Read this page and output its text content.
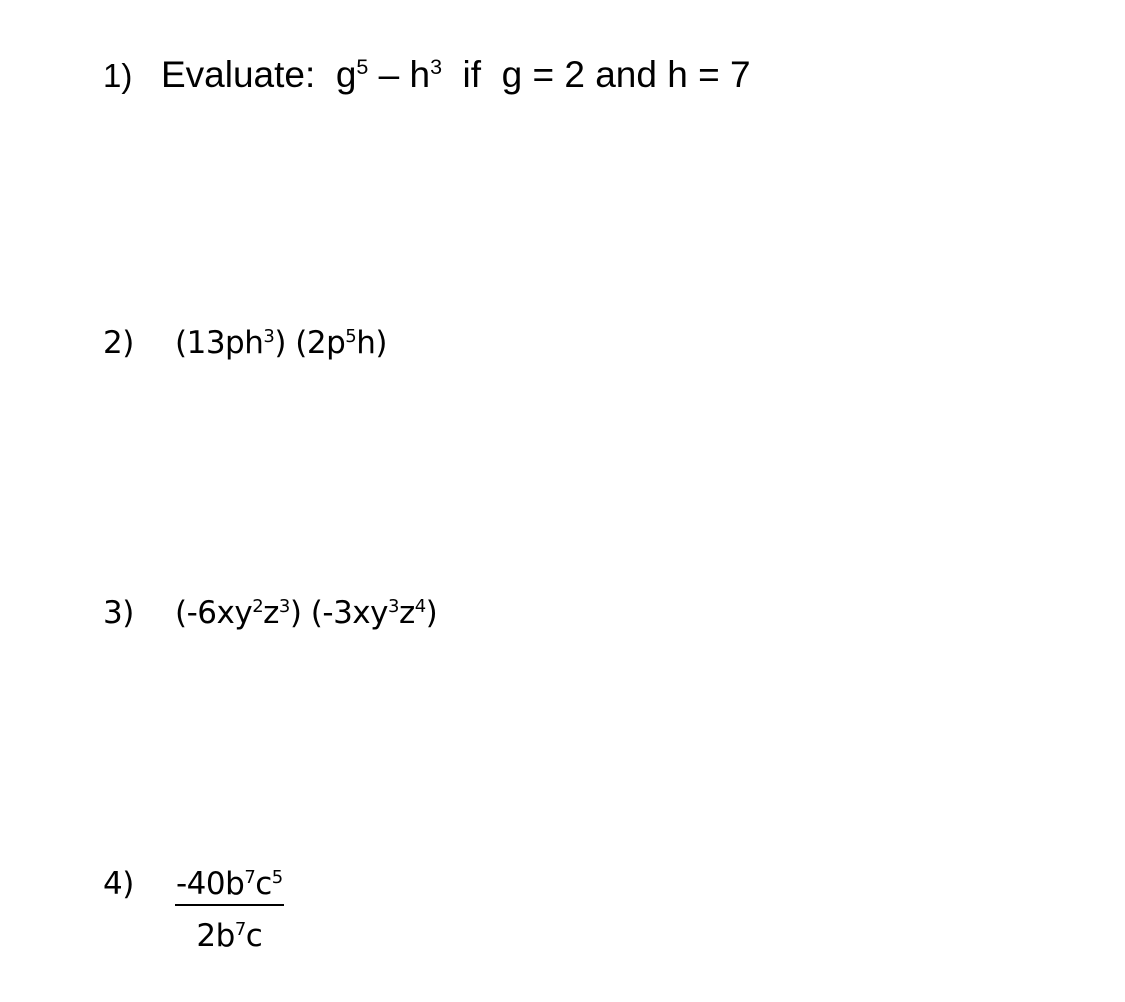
1) Evaluate:  $g^5 - h^3$  if  g = 2 and h = 7
2) $(13ph^3)$ $(2p^5h)$
3) $(-6xy^2z^3)$ $(-3xy^3z^4)$
$4) \frac{-40b^7c^5}{2b^7c}$
